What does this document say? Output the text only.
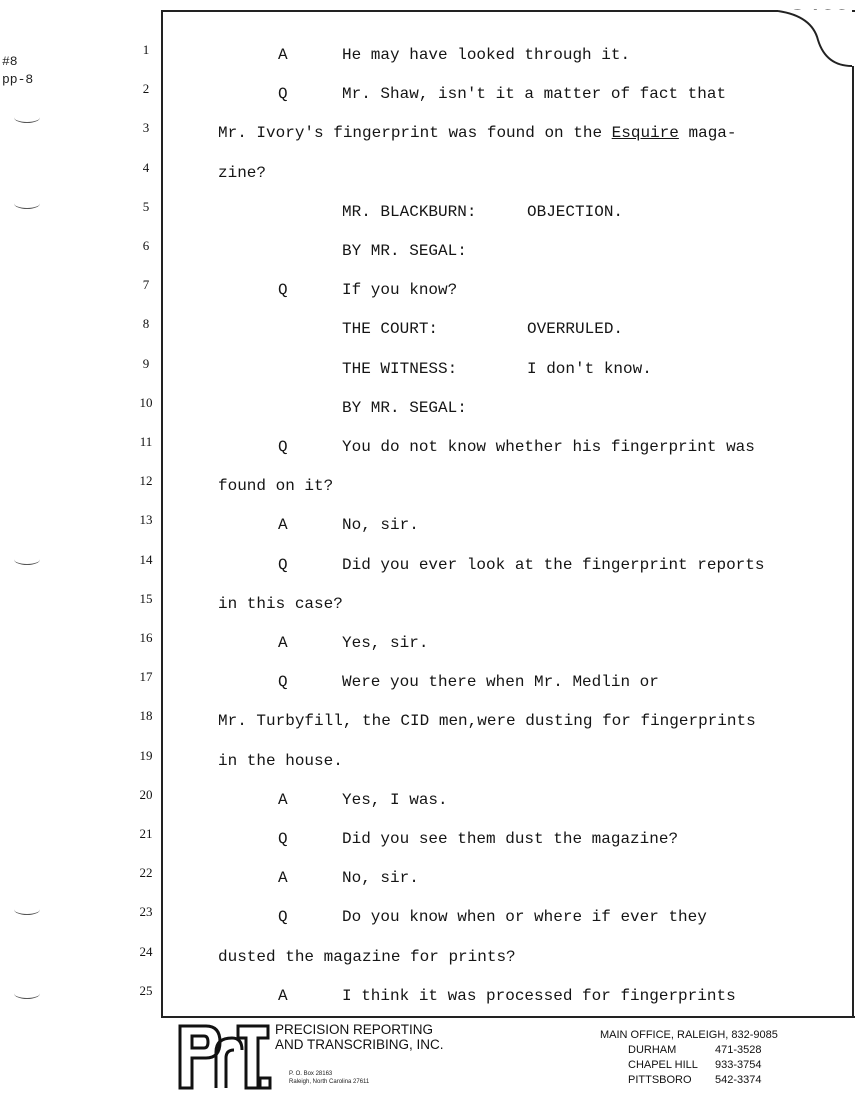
2466
#8
pp-8
1
2
3
4
5
6
7
8
9
10
11
12
13
14
15
16
17
18
19
20
21
22
23
24
25
A	He may have looked through it.
Q	Mr. Shaw, isn't it a matter of fact that
Mr. Ivory's fingerprint was found on the Esquire maga-
zine?
MR. BLACKBURN:	OBJECTION.
BY MR. SEGAL:
Q	If you know?
THE COURT:	OVERRULED.
THE WITNESS:	I don't know.
BY MR. SEGAL:
Q	You do not know whether his fingerprint was
found on it?
A	No, sir.
Q	Did you ever look at the fingerprint reports
in this case?
A	Yes, sir.
Q	Were you there when Mr. Medlin or
Mr. Turbyfill, the CID men,were dusting for fingerprints
in the house.
A	Yes, I was.
Q	Did you see them dust the magazine?
A	No, sir.
Q	Do you know when or where if ever they
dusted the magazine for prints?
A	I think it was processed for fingerprints
PRECISION REPORTING
AND TRANSCRIBING, INC.
P. O. Box 28163
Raleigh, North Carolina 27611
MAIN OFFICE, RALEIGH, 832-9085
DURHAM	471-3528
CHAPEL HILL	933-3754
PITTSBORO	542-3374
